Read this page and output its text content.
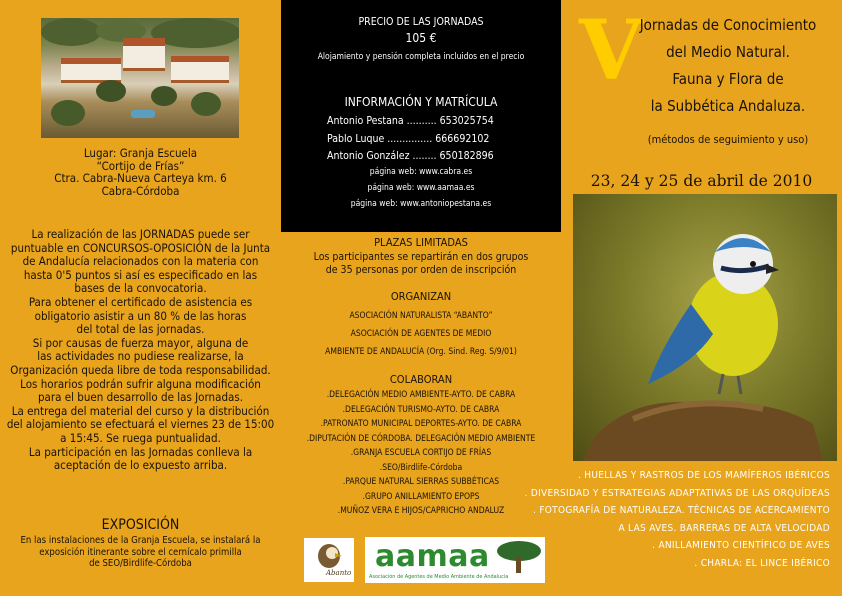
Lugar: Granja Escuela
“Cortijo de Frías”
Ctra. Cabra-Nueva Carteya km. 6
Cabra-Córdoba
La realización de las JORNADAS puede ser
puntuable en CONCURSOS-OPOSICIÓN de la Junta
de Andalucía relacionados con la materia con
hasta 0'5 puntos si así es especificado en las
bases de la convocatoria.
Para obtener el certificado de asistencia es
obligatorio asistir a un 80 % de las horas
del total de las jornadas.
Si por causas de fuerza mayor, alguna de
las actividades no pudiese realizarse, la
Organización queda libre de toda responsabilidad.
Los horarios podrán sufrir alguna modificación
para el buen desarrollo de las Jornadas.
La entrega del material del curso y la distribución
del alojamiento se efectuará el viernes 23 de 15:00
a 15:45. Se ruega puntualidad.
La participación en las Jornadas conlleva la
aceptación de lo expuesto arriba.
EXPOSICIÓN
En las instalaciones de la Granja Escuela, se instalará la
exposición itinerante sobre el cernícalo primilla
de SEO/Birdlife-Córdoba
PRECIO DE LAS JORNADAS
105 €
Alojamiento y pensión completa incluidos en el precio
INFORMACIÓN Y MATRÍCULA
Antonio Pestana .......... 653025754
Pablo Luque ............... 666692102
Antonio González ........ 650182896
página web: www.cabra.es
página web: www.aamaa.es
página web: www.antoniopestana.es
PLAZAS LIMITADAS
Los participantes se repartirán en dos grupos
de 35 personas por orden de inscripción
ORGANIZAN
ASOCIACIÓN NATURALISTA “ABANTO”
ASOCIACIÓN DE AGENTES DE MEDIO
AMBIENTE DE ANDALUCÍA (Org. Sind. Reg. S/9/01)
COLABORAN
.DELEGACIÓN MEDIO AMBIENTE-AYTO. DE CABRA
.DELEGACIÓN TURISMO-AYTO. DE CABRA
.PATRONATO MUNICIPAL DEPORTES-AYTO. DE CABRA
.DIPUTACIÓN DE CÓRDOBA. DELEGACIÓN MEDIO AMBIENTE
.GRANJA ESCUELA CORTIJO DE FRÍAS
.SEO/Birdlife-Córdoba
.PARQUE NATURAL SIERRAS SUBBÉTICAS
.GRUPO ANILLAMIENTO EPOPS
.MUÑOZ VERA E HIJOS/CAPRICHO ANDALUZ
Abanto aamaa
Asociación de Agentes de Medio Ambiente de Andalucía
V
Jornadas de Conocimiento
del Medio Natural.
Fauna y Flora de
la Subbética Andaluza.
(métodos de seguimiento y uso)
23, 24 y 25 de abril de 2010
. HUELLAS Y RASTROS DE LOS MAMÍFEROS IBÉRICOS
. DIVERSIDAD Y ESTRATEGIAS ADAPTATIVAS DE LAS ORQUÍDEAS
. FOTOGRAFÍA DE NATURALEZA. TÉCNICAS DE ACERCAMIENTO
A LAS AVES. BARRERAS DE ALTA VELOCIDAD
. ANILLAMIENTO CIENTÍFICO DE AVES
. CHARLA: EL LINCE IBÉRICO
